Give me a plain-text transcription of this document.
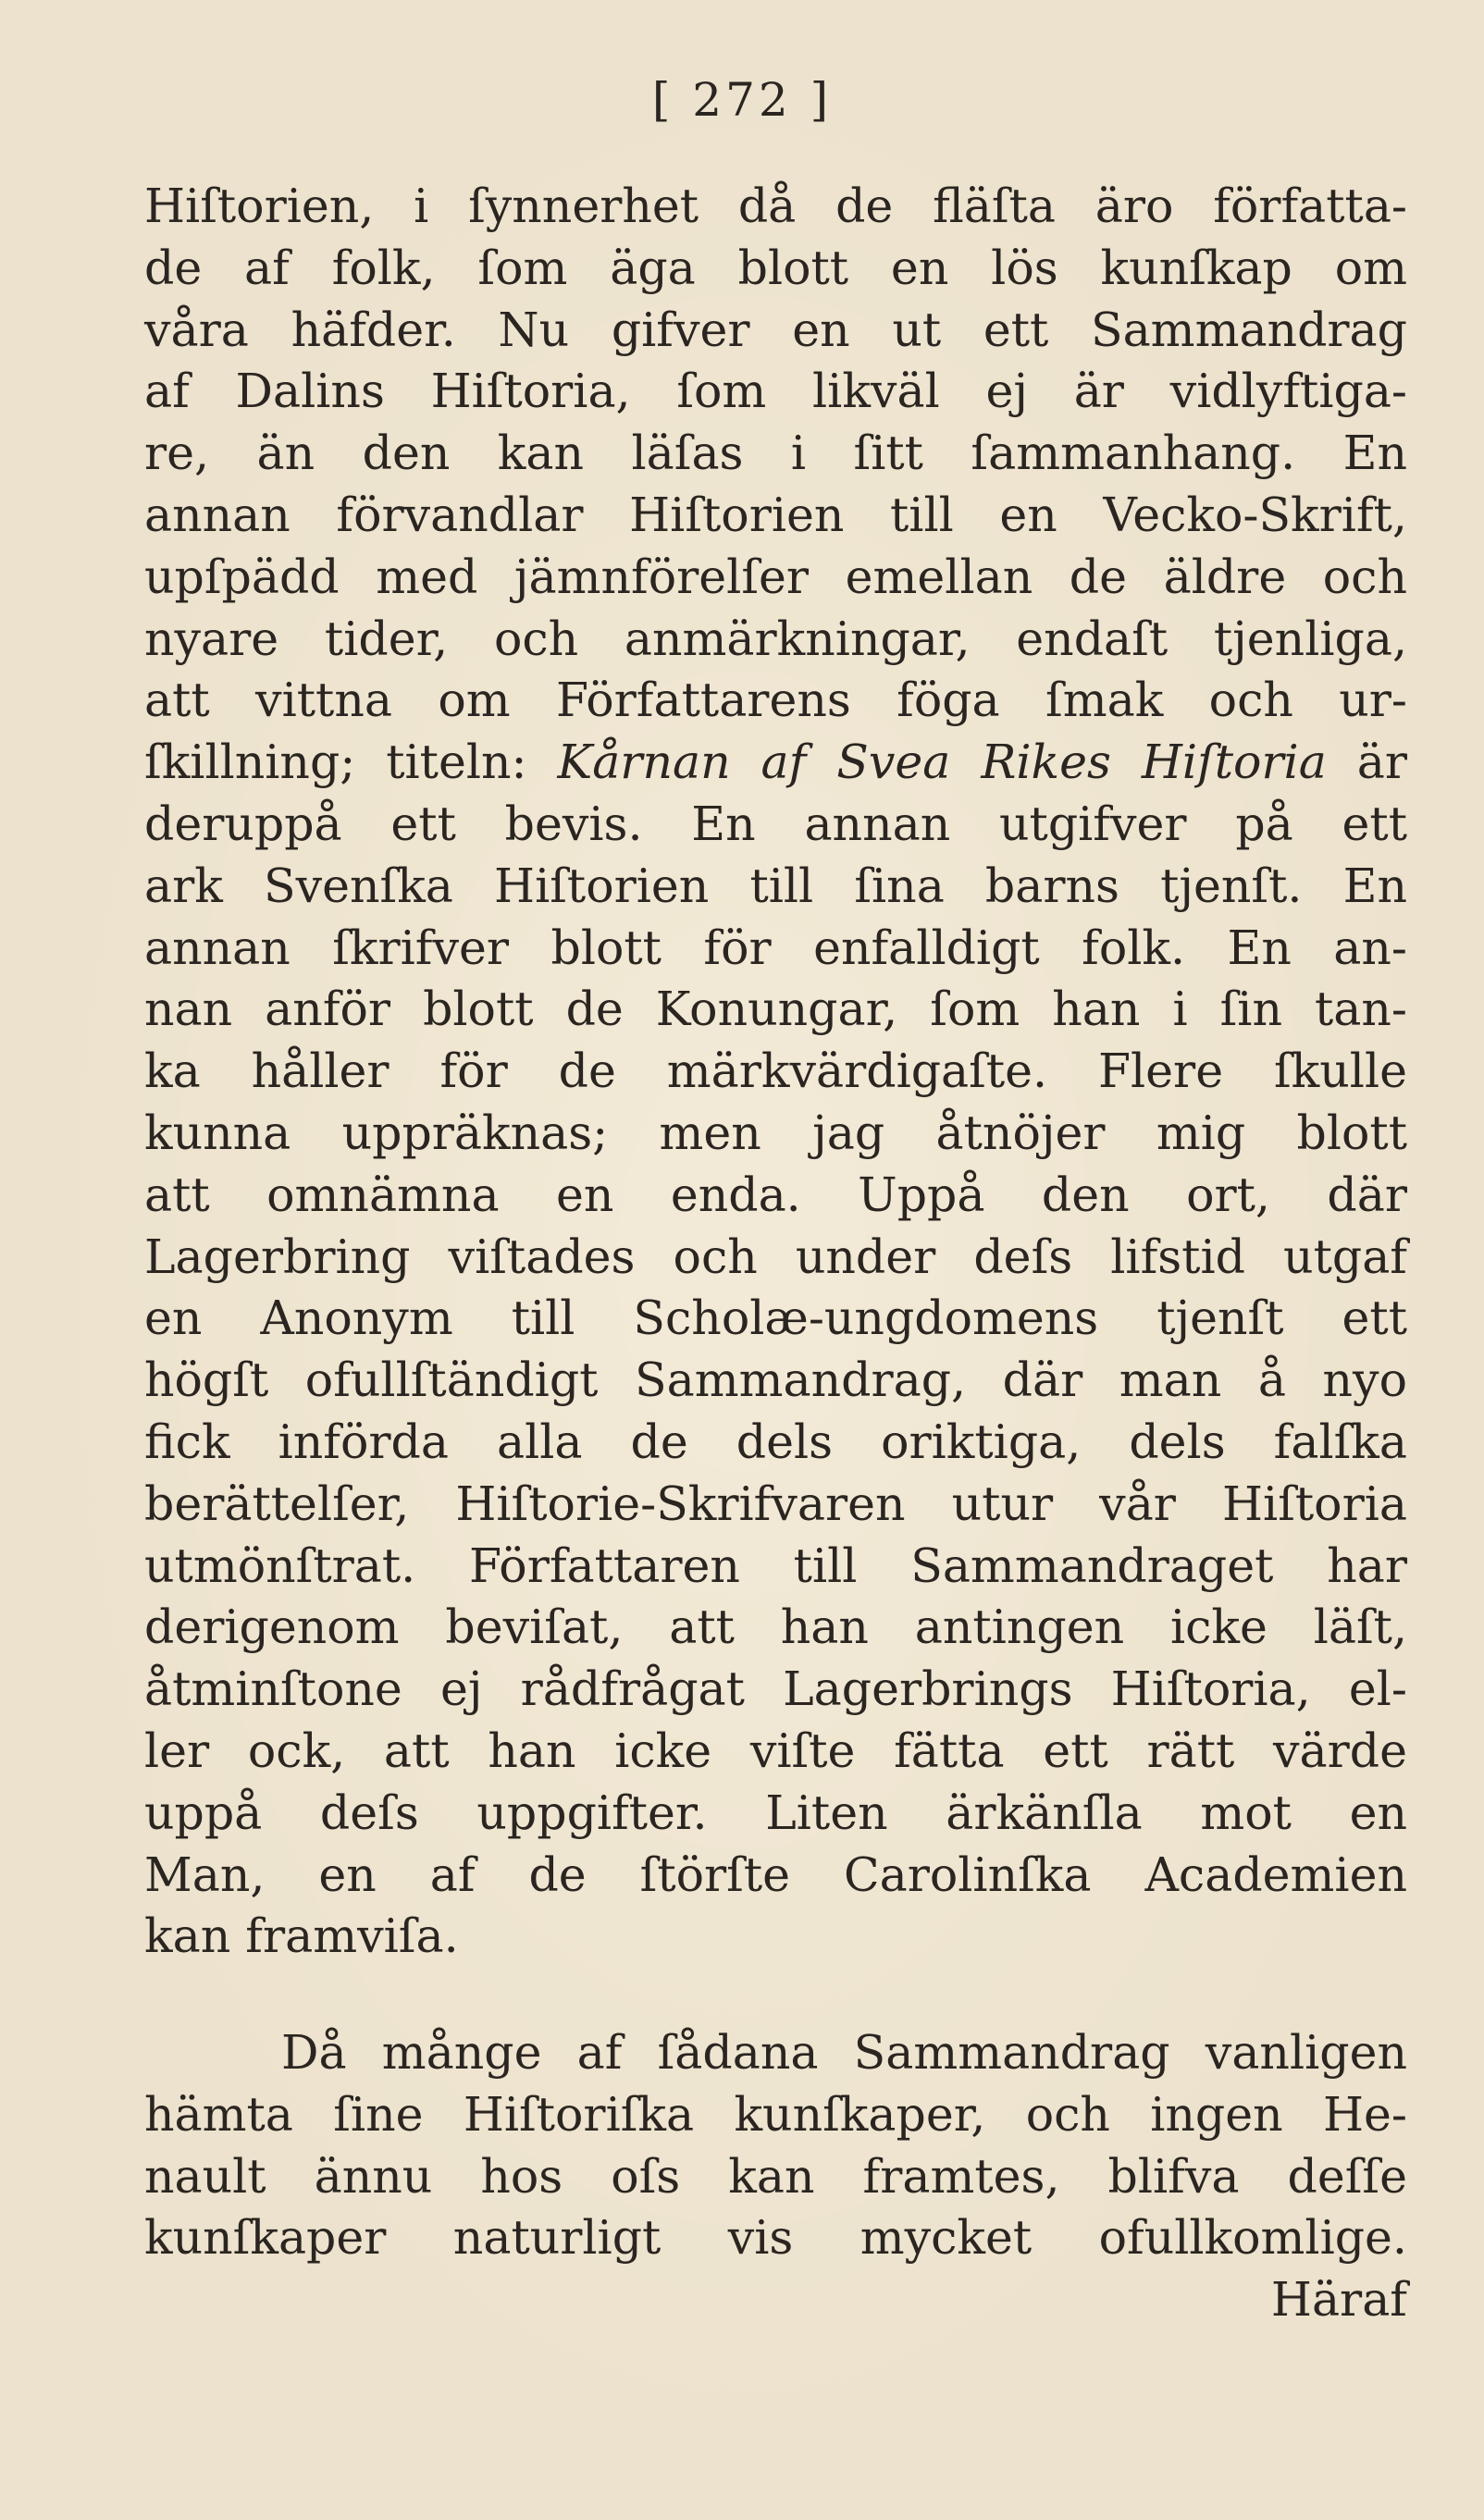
[ 272 ]
Hiſtorien, i ſynnerhet då de fläſta äro författa-
de af folk, ſom äga blott en lös kunſkap om
våra häfder. Nu gifver en ut ett Sammandrag
af Dalins Hiſtoria, ſom likväl ej är vidlyftiga-
re, än den kan läſas i ſitt ſammanhang. En
annan förvandlar Hiſtorien till en Vecko-Skrift,
upſpädd med jämnförelſer emellan de äldre och
nyare tider, och anmärkningar, endaſt tjenliga,
att vittna om Författarens föga ſmak och ur-
ſkillning; titeln: Kårnan af Svea Rikes Hiſtoria är
deruppå ett bevis. En annan utgifver på ett
ark Svenſka Hiſtorien till ſina barns tjenſt. En
annan ſkrifver blott för enfalldigt folk. En an-
nan anför blott de Konungar, ſom han i ſin tan-
ka håller för de märkvärdigaſte. Flere ſkulle
kunna uppräknas; men jag åtnöjer mig blott
att omnämna en enda. Uppå den ort, där
Lagerbring viſtades och under deſs lifstid utgaf
en Anonym till Scholæ-ungdomens tjenſt ett
högſt ofullſtändigt Sammandrag, där man å nyo
fick införda alla de dels oriktiga, dels falſka
berättelſer, Hiſtorie-Skrifvaren utur vår Hiſtoria
utmönſtrat. Författaren till Sammandraget har
derigenom beviſat, att han antingen icke läſt,
åtminſtone ej rådfrågat Lagerbrings Hiſtoria, el-
ler ock, att han icke viſte fätta ett rätt värde
uppå deſs uppgifter. Liten ärkänſla mot en
Man, en af de ſtörſte Carolinſka Academien
kan framviſa.
Då månge af ſådana Sammandrag vanligen
hämta ſine Hiſtoriſka kunſkaper, och ingen He-
nault ännu hos oſs kan framtes, blifva deſſe
kunſkaper naturligt vis mycket ofullkomlige.
Häraf
